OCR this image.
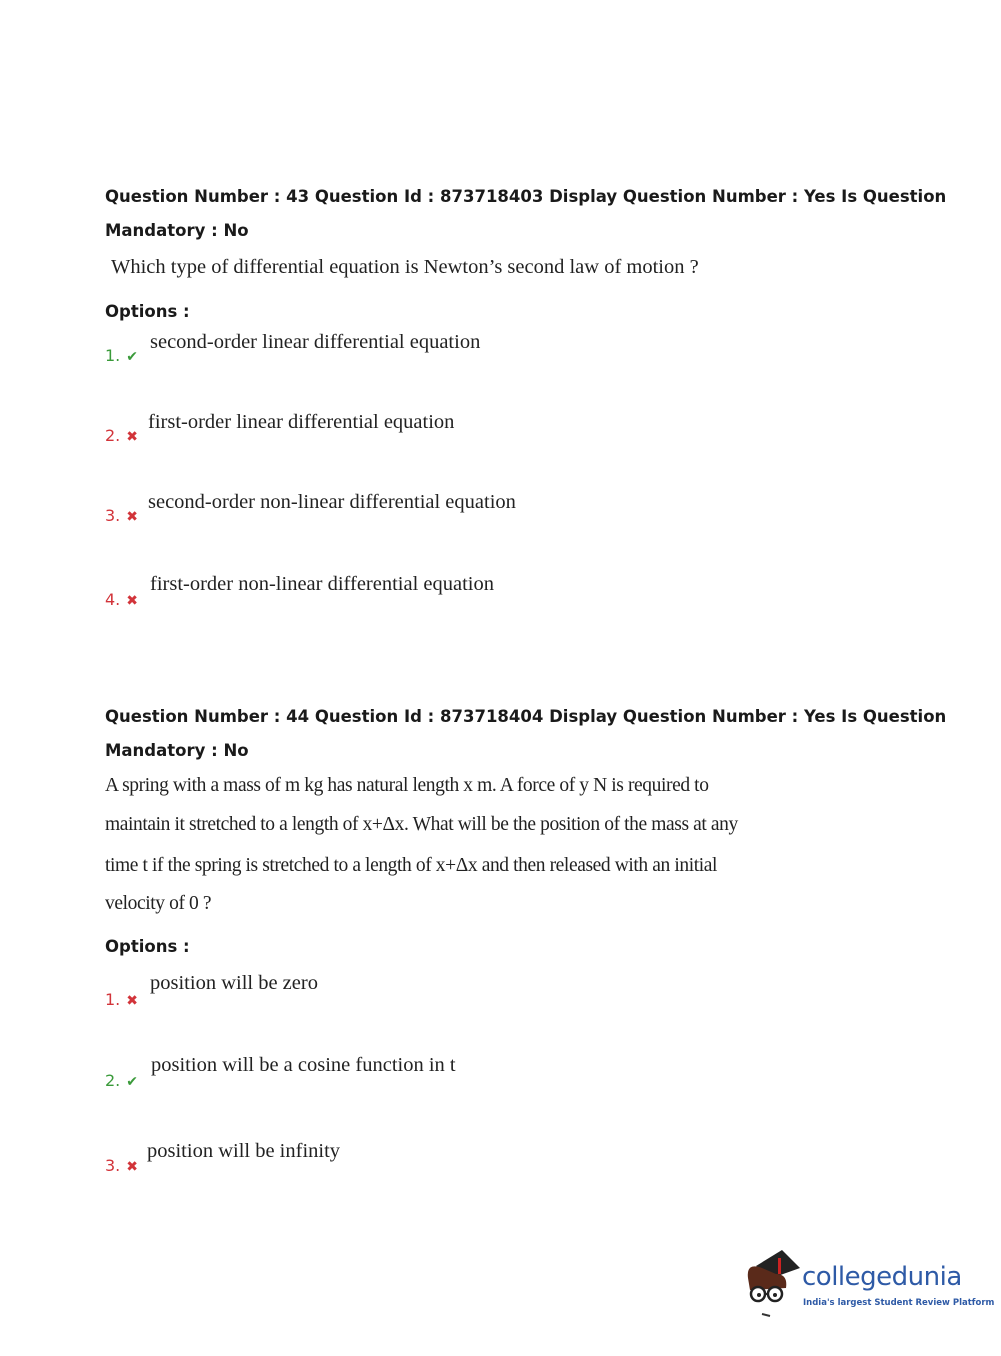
Question Number : 43 Question Id : 873718403 Display Question Number : Yes Is Question
Mandatory : No
Which type of differential equation is Newton’s second law of motion ?
Options :
1. ✔
second-order linear differential equation
2. ✖
first-order linear differential equation
3. ✖
second-order non-linear differential equation
4. ✖
first-order non-linear differential equation
Question Number : 44 Question Id : 873718404 Display Question Number : Yes Is Question
Mandatory : No
A spring with a mass of m kg has natural length x m. A force of y N is required to
maintain it stretched to a length of x+Δx. What will be the position of the mass at any
time t if the spring is stretched to a length of x+Δx and then released with an initial
velocity of 0 ?
Options :
1. ✖
position will be zero
2. ✔
position will be a cosine function in t
3. ✖
position will be infinity
collegedunia
India's largest Student Review Platform
